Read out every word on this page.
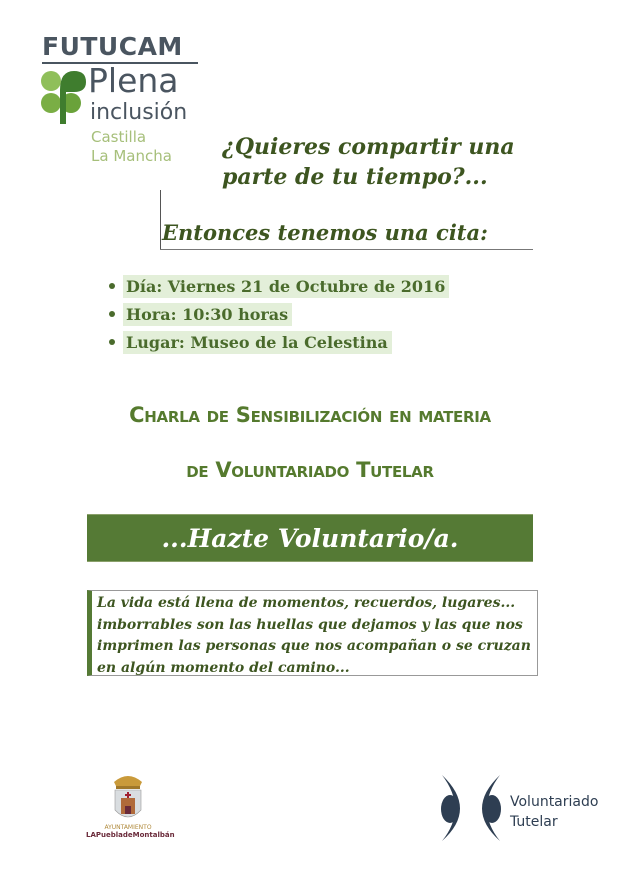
FUTUCAM
Plena
inclusión
Castilla
La Mancha ¿Quieres compartir una parte de tu tiempo?...
Entonces tenemos una cita:
Día: Viernes 21 de Octubre de 2016
Hora: 10:30 horas
Lugar: Museo de la Celestina
Charla de Sensibilización en materia
de Voluntariado Tutelar
...Hazte Voluntario/a.
La vida está llena de momentos, recuerdos, lugares... imborrables son las huellas que dejamos y las que nos imprimen las personas que nos acompañan o se cruzan en algún momento del camino...
AYUNTAMIENTO
LAPuebladeMontalbán
Voluntariado
Tutelar
